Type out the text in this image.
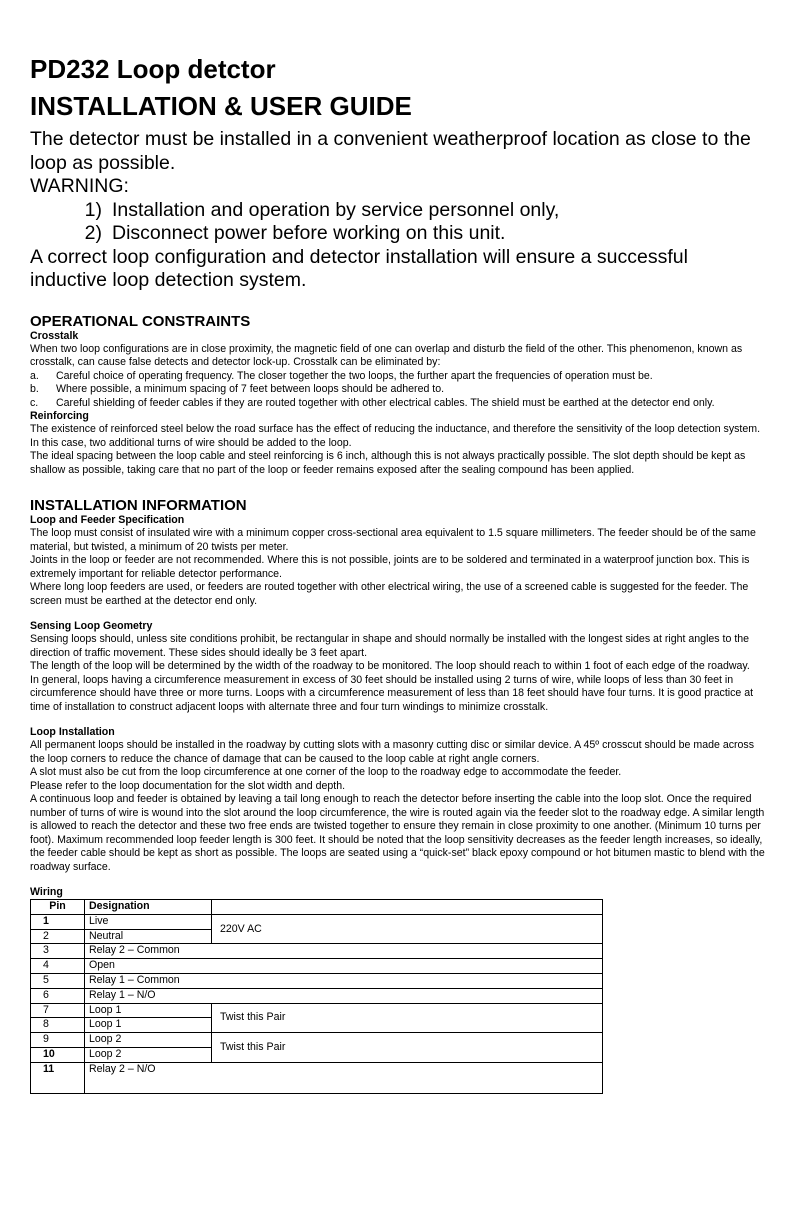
PD232 Loop detctor
INSTALLATION & USER GUIDE

The detector must be installed in a convenient weatherproof location as close to the loop as possible.

WARNING:

1) Installation and operation by service personnel only,
2) Disconnect power before working on this unit.

A correct loop configuration and detector installation will ensure a successful inductive loop detection system.

OPERATIONAL CONSTRAINTS
Crosstalk

When two loop configurations are in close proximity, the magnetic field of one can overlap and disturb the field of the other. This phenomenon, known as crosstalk, can cause false detects and detector lock-up. Crosstalk can be eliminated by:

a.	Careful choice of operating frequency. The closer together the two loops, the further apart the frequencies of operation must be.
b.	Where possible, a minimum spacing of 7 feet between loops should be adhered to.
c.	Careful shielding of feeder cables if they are routed together with other electrical cables. The shield must be earthed at the detector end only.
Reinforcing

The existence of reinforced steel below the road surface has the effect of reducing the inductance, and therefore the sensitivity of the loop detection system. In this case, two additional turns of wire should be added to the loop.

The ideal spacing between the loop cable and steel reinforcing is 6 inch, although this is not always practically possible. The slot depth should be kept as shallow as possible, taking care that no part of the loop or feeder remains exposed after the sealing compound has been applied.

INSTALLATION INFORMATION
Loop and Feeder Specification

The loop must consist of insulated wire with a minimum copper cross-sectional area equivalent to 1.5 square millimeters. The feeder should be of the same material, but twisted, a minimum of 20 twists per meter.

Joints in the loop or feeder are not recommended. Where this is not possible, joints are to be soldered and terminated in a waterproof junction box. This is extremely important for reliable detector performance.

Where long loop feeders are used, or feeders are routed together with other electrical wiring, the use of a screened cable is suggested for the feeder. The screen must be earthed at the detector end only.

Sensing Loop Geometry

Sensing loops should, unless site conditions prohibit, be rectangular in shape and should normally be installed with the longest sides at right angles to the direction of traffic movement. These sides should ideally be 3 feet apart.

The length of the loop will be determined by the width of the roadway to be monitored. The loop should reach to within 1 foot of each edge of the roadway.

In general, loops having a circumference measurement in excess of 30 feet should be installed using 2 turns of wire, while loops of less than 30 feet in circumference should have three or more turns. Loops with a circumference measurement of less than 18 feet should have four turns. It is good practice at time of installation to construct adjacent loops with alternate three and four turn windings to minimize crosstalk.

Loop Installation

All permanent loops should be installed in the roadway by cutting slots with a masonry cutting disc or similar device. A 45º crosscut should be made across the loop corners to reduce the chance of damage that can be caused to the loop cable at right angle corners.

A slot must also be cut from the loop circumference at one corner of the loop to the roadway edge to accommodate the feeder.

Please refer to the loop documentation for the slot width and depth.

A continuous loop and feeder is obtained by leaving a tail long enough to reach the detector before inserting the cable into the loop slot. Once the required number of turns of wire is wound into the slot around the loop circumference, the wire is routed again via the feeder slot to the roadway edge. A similar length is allowed to reach the detector and these two free ends are twisted together to ensure they remain in close proximity to one another. (Minimum 10 turns per foot). Maximum recommended loop feeder length is 300 feet. It should be noted that the loop sensitivity decreases as the feeder length increases, so ideally, the feeder cable should be kept as short as possible. The loops are seated using a “quick-set” black epoxy compound or hot bitumen mastic to blend with the roadway surface.

Wiring
Pin	Designation	
1	Live	220V AC
2	Neutral	
3	Relay 2 – Common	
4	Open	
5	Relay 1 – Common	
6	Relay 1 – N/O	
7	Loop 1	Twist this Pair
8	Loop 1	
9	Loop 2	Twist this Pair
10	Loop 2	
11	Relay 2 – N/O	
